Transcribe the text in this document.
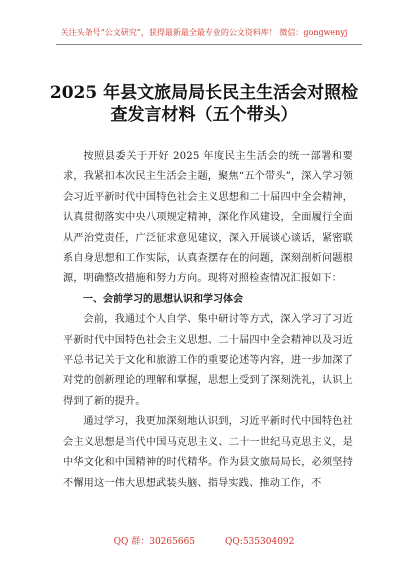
关注头条号“公文研究”，获得最新最全最专业的公文资料库！ 微信：gongwenyj
2025 年县文旅局局长民主生活会对照检
查发言材料（五个带头）

按照县委关于开好 2025 年度民主生活会的统一部署和要求，我紧扣本次民主生活会主题，聚焦“五个带头”，深入学习领会习近平新时代中国特色社会主义思想和二十届四中全会精神，认真贯彻落实中央八项规定精神，深化作风建设，全面履行全面从严治党责任，广泛征求意见建议，深入开展谈心谈话，紧密联系自身思想和工作实际，认真查摆存在的问题，深刻剖析问题根源，明确整改措施和努力方向。现将对照检查情况汇报如下：

一、会前学习的思想认识和学习体会

会前，我通过个人自学、集中研讨等方式，深入学习了习近平新时代中国特色社会主义思想、二十届四中全会精神以及习近平总书记关于文化和旅游工作的重要论述等内容，进一步加深了对党的创新理论的理解和掌握，思想上受到了深刻洗礼，认识上得到了新的提升。

通过学习，我更加深刻地认识到，习近平新时代中国特色社会主义思想是当代中国马克思主义、二十一世纪马克思主义，是中华文化和中国精神的时代精华。作为县文旅局局长，必须坚持不懈用这一伟大思想武装头脑、指导实践、推动工作，不

QQ 群：30265665	QQ:535304092
